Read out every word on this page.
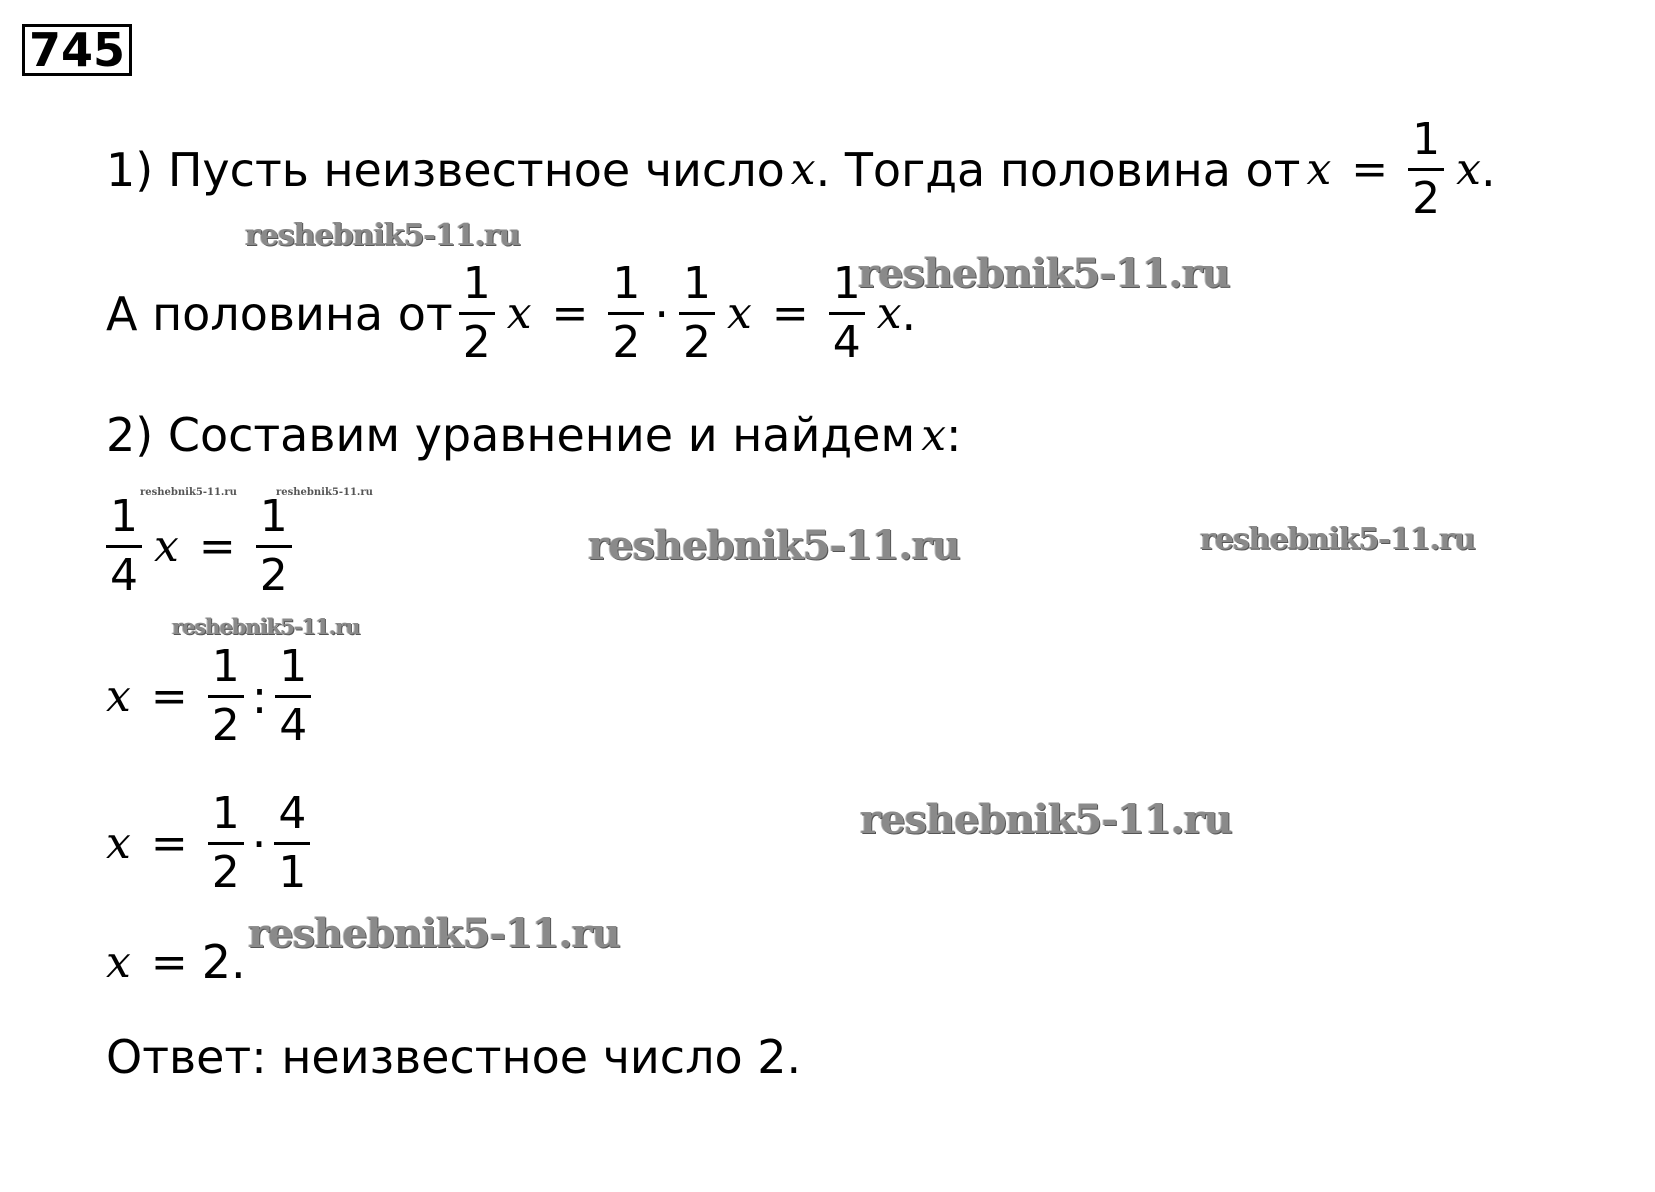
745
1) Пусть неизвестное число x . Тогда половина от $x = \frac{1}{2}$ x .
А половина от $\frac{1}{2}$ $x = \frac{1}{2} \cdot \frac{1}{2}$ $x = \frac{1}{4}$ x .
2) Составим уравнение и найдем x :
$\frac{1}{4}$ $x = \frac{1}{2}$
$x = \frac{1}{2}$ : $\frac{1}{4}$
$x = \frac{1}{2} \cdot \frac{4}{1}$
x = 2.
Ответ: неизвестное число 2.
reshebnik5-11.ru
reshebnik5-11.ru
reshebnik5-11.ru	reshebnik5-11.ru
reshebnik5-11.ru	reshebnik5-11.ru
reshebnik5-11.ru
reshebnik5-11.ru
reshebnik5-11.ru
